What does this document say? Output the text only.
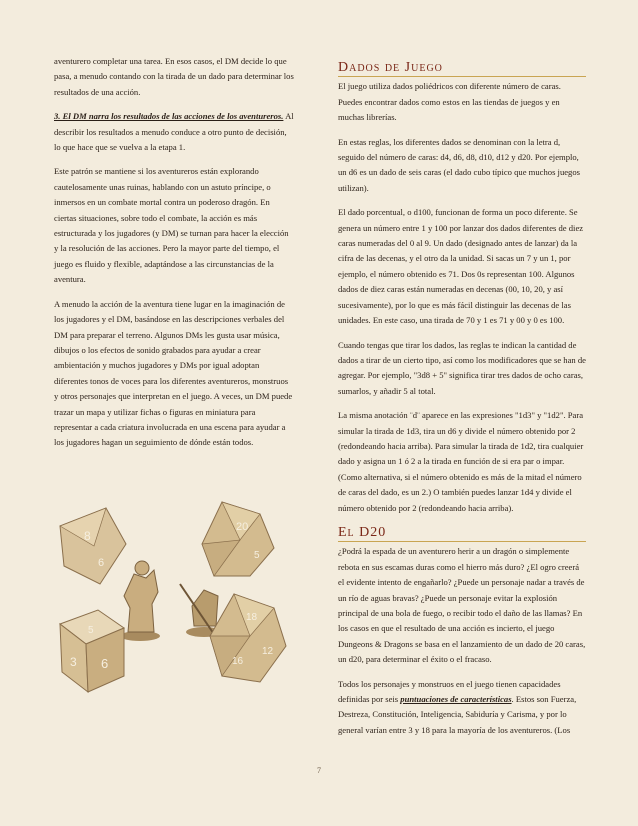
aventurero completar una tarea. En esos casos, el DM decide lo que pasa, a menudo contando con la tirada de un dado para determinar los resultados de una acción.

3. El DM narra los resultados de las acciones de los aventureros. Al describir los resultados a menudo conduce a otro punto de decisión, lo que hace que se vuelva a la etapa 1.

Este patrón se mantiene si los aventureros están explorando cautelosamente unas ruinas, hablando con un astuto príncipe, o inmersos en un combate mortal contra un poderoso dragón. En ciertas situaciones, sobre todo el combate, la acción es más estructurada y los jugadores (y DM) se turnan para hacer la elección y la resolución de las acciones. Pero la mayor parte del tiempo, el juego es fluido y flexible, adaptándose a las circunstancias de la aventura.

A menudo la acción de la aventura tiene lugar en la imaginación de los jugadores y el DM, basándose en las descripciones verbales del DM para preparar el terreno. Algunos DMs les gusta usar música, dibujos o los efectos de sonido grabados para ayudar a crear ambientación y muchos jugadores y DMs por igual adoptan diferentes tonos de voces para los diferentes aventureros, monstruos y otros personajes que interpretan en el juego. A veces, un DM puede trazar un mapa y utilizar fichas o figuras en miniatura para representar a cada criatura involucrada en una escena para ayudar a los jugadores hagan un seguimiento de dónde están todos.

8
6
20
5
5
3 6
18
12
16
Dados de Juego

El juego utiliza dados poliédricos con diferente número de caras. Puedes encontrar dados como estos en las tiendas de juegos y en muchas librerías.

En estas reglas, los diferentes dados se denominan con la letra d, seguido del número de caras: d4, d6, d8, d10, d12 y d20. Por ejemplo, un d6 es un dado de seis caras (el dado cubo típico que muchos juegos utilizan).

El dado porcentual, o d100, funcionan de forma un poco diferente. Se genera un número entre 1 y 100 por lanzar dos dados diferentes de diez caras numeradas del 0 al 9. Un dado (designado antes de lanzar) da la cifra de las decenas, y el otro da la unidad. Si sacas un 7 y un 1, por ejemplo, el número obtenido es 71. Dos 0s representan 100. Algunos dados de diez caras están numeradas en decenas (00, 10, 20, y así sucesivamente), por lo que es más fácil distinguir las decenas de las unidades. En este caso, una tirada de 70 y 1 es 71 y 00 y 0 es 100.

Cuando tengas que tirar los dados, las reglas te indican la cantidad de dados a tirar de un cierto tipo, así como los modificadores que se han de agregar. Por ejemplo, "3d8 + 5" significa tirar tres dados de ocho caras, sumarlos, y añadir 5 al total.

La misma anotación ¨d¨ aparece en las expresiones "1d3" y "1d2". Para simular la tirada de 1d3, tira un d6 y divide el número obtenido por 2 (redondeando hacia arriba). Para simular la tirada de 1d2, tira cualquier dado y asigna un 1 ó 2 a la tirada en función de si era par o impar. (Como alternativa, si el número obtenido es más de la mitad el número de caras del dado, es un 2.) O también puedes lanzar 1d4 y divide el número obtenido por 2 (redondeando hacia arriba).

El D20

¿Podrá la espada de un aventurero herir a un dragón o simplemente rebota en sus escamas duras como el hierro más duro? ¿El ogro creerá el evidente intento de engañarlo? ¿Puede un personaje nadar a través de un río de aguas bravas? ¿Puede un personaje evitar la explosión principal de una bola de fuego, o recibir todo el daño de las llamas? En los casos en que el resultado de una acción es incierto, el juego Dungeons & Dragons se basa en el lanzamiento de un dado de 20 caras, un d20, para determinar el éxito o el fracaso.

Todos los personajes y monstruos en el juego tienen capacidades definidas por seis puntuaciones de características. Estos son Fuerza, Destreza, Constitución, Inteligencia, Sabiduría y Carisma, y por lo general varían entre 3 y 18 para la mayoría de los aventureros. (Los

7
